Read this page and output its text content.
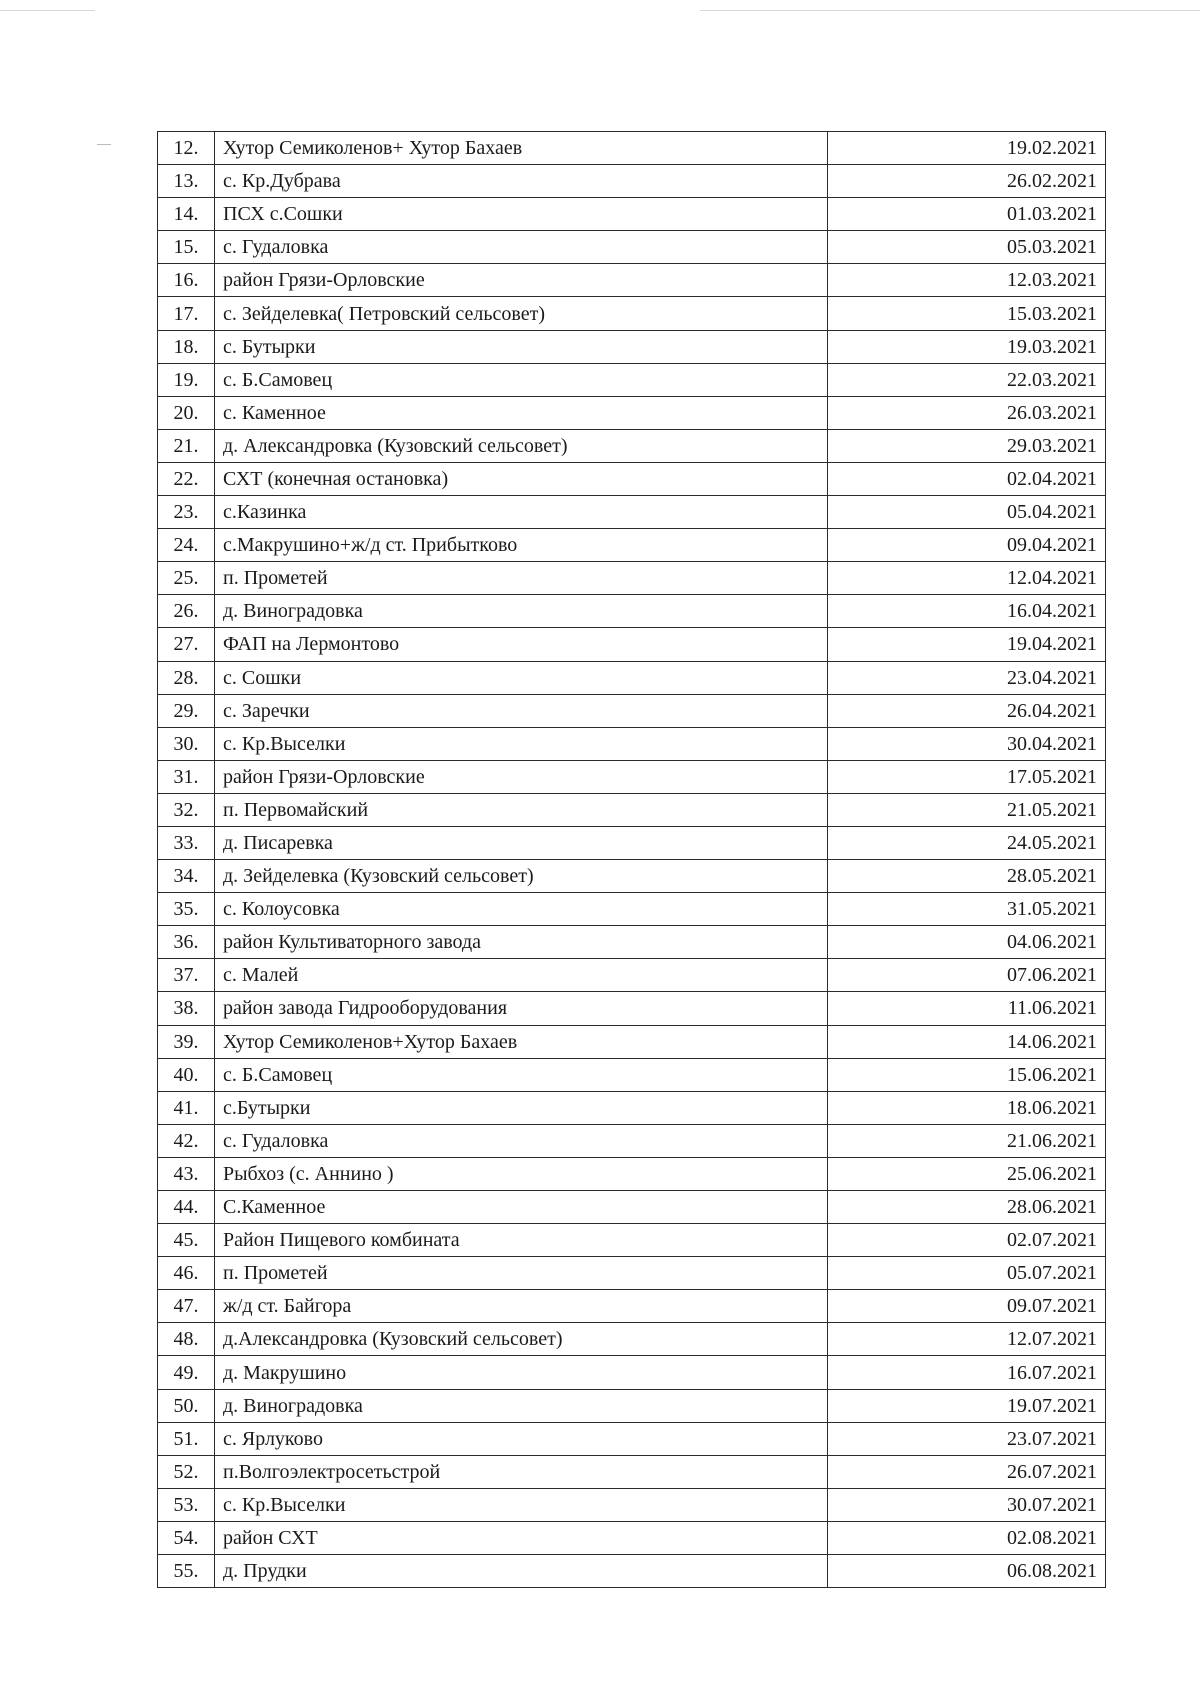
12.	Хутор Семиколенов+ Хутор Бахаев	19.02.2021
13.	с. Кр.Дубрава	26.02.2021
14.	ПСХ с.Сошки	01.03.2021
15.	с. Гудаловка	05.03.2021
16.	район Грязи-Орловские	12.03.2021
17.	с. Зейделевка( Петровский сельсовет)	15.03.2021
18.	с. Бутырки	19.03.2021
19.	с. Б.Самовец	22.03.2021
20.	с. Каменное	26.03.2021
21.	д. Александровка (Кузовский сельсовет)	29.03.2021
22.	СХТ (конечная остановка)	02.04.2021
23.	с.Казинка	05.04.2021
24.	с.Макрушино+ж/д ст. Прибытково	09.04.2021
25.	п. Прометей	12.04.2021
26.	д. Виноградовка	16.04.2021
27.	ФАП на Лермонтово	19.04.2021
28.	с. Сошки	23.04.2021
29.	с. Заречки	26.04.2021
30.	с. Кр.Выселки	30.04.2021
31.	район Грязи-Орловские	17.05.2021
32.	п. Первомайский	21.05.2021
33.	д. Писаревка	24.05.2021
34.	д. Зейделевка (Кузовский сельсовет)	28.05.2021
35.	с. Колоусовка	31.05.2021
36.	район Культиваторного завода	04.06.2021
37.	с. Малей	07.06.2021
38.	район завода Гидрооборудования	11.06.2021
39.	Хутор Семиколенов+Хутор Бахаев	14.06.2021
40.	с. Б.Самовец	15.06.2021
41.	с.Бутырки	18.06.2021
42.	с. Гудаловка	21.06.2021
43.	Рыбхоз (с. Аннино )	25.06.2021
44.	С.Каменное	28.06.2021
45.	Район Пищевого комбината	02.07.2021
46.	п. Прометей	05.07.2021
47.	ж/д ст. Байгора	09.07.2021
48.	д.Александровка (Кузовский сельсовет)	12.07.2021
49.	д. Макрушино	16.07.2021
50.	д. Виноградовка	19.07.2021
51.	с. Ярлуково	23.07.2021
52.	п.Волгоэлектросетьстрой	26.07.2021
53.	с. Кр.Выселки	30.07.2021
54.	район СХТ	02.08.2021
55.	д. Прудки	06.08.2021
